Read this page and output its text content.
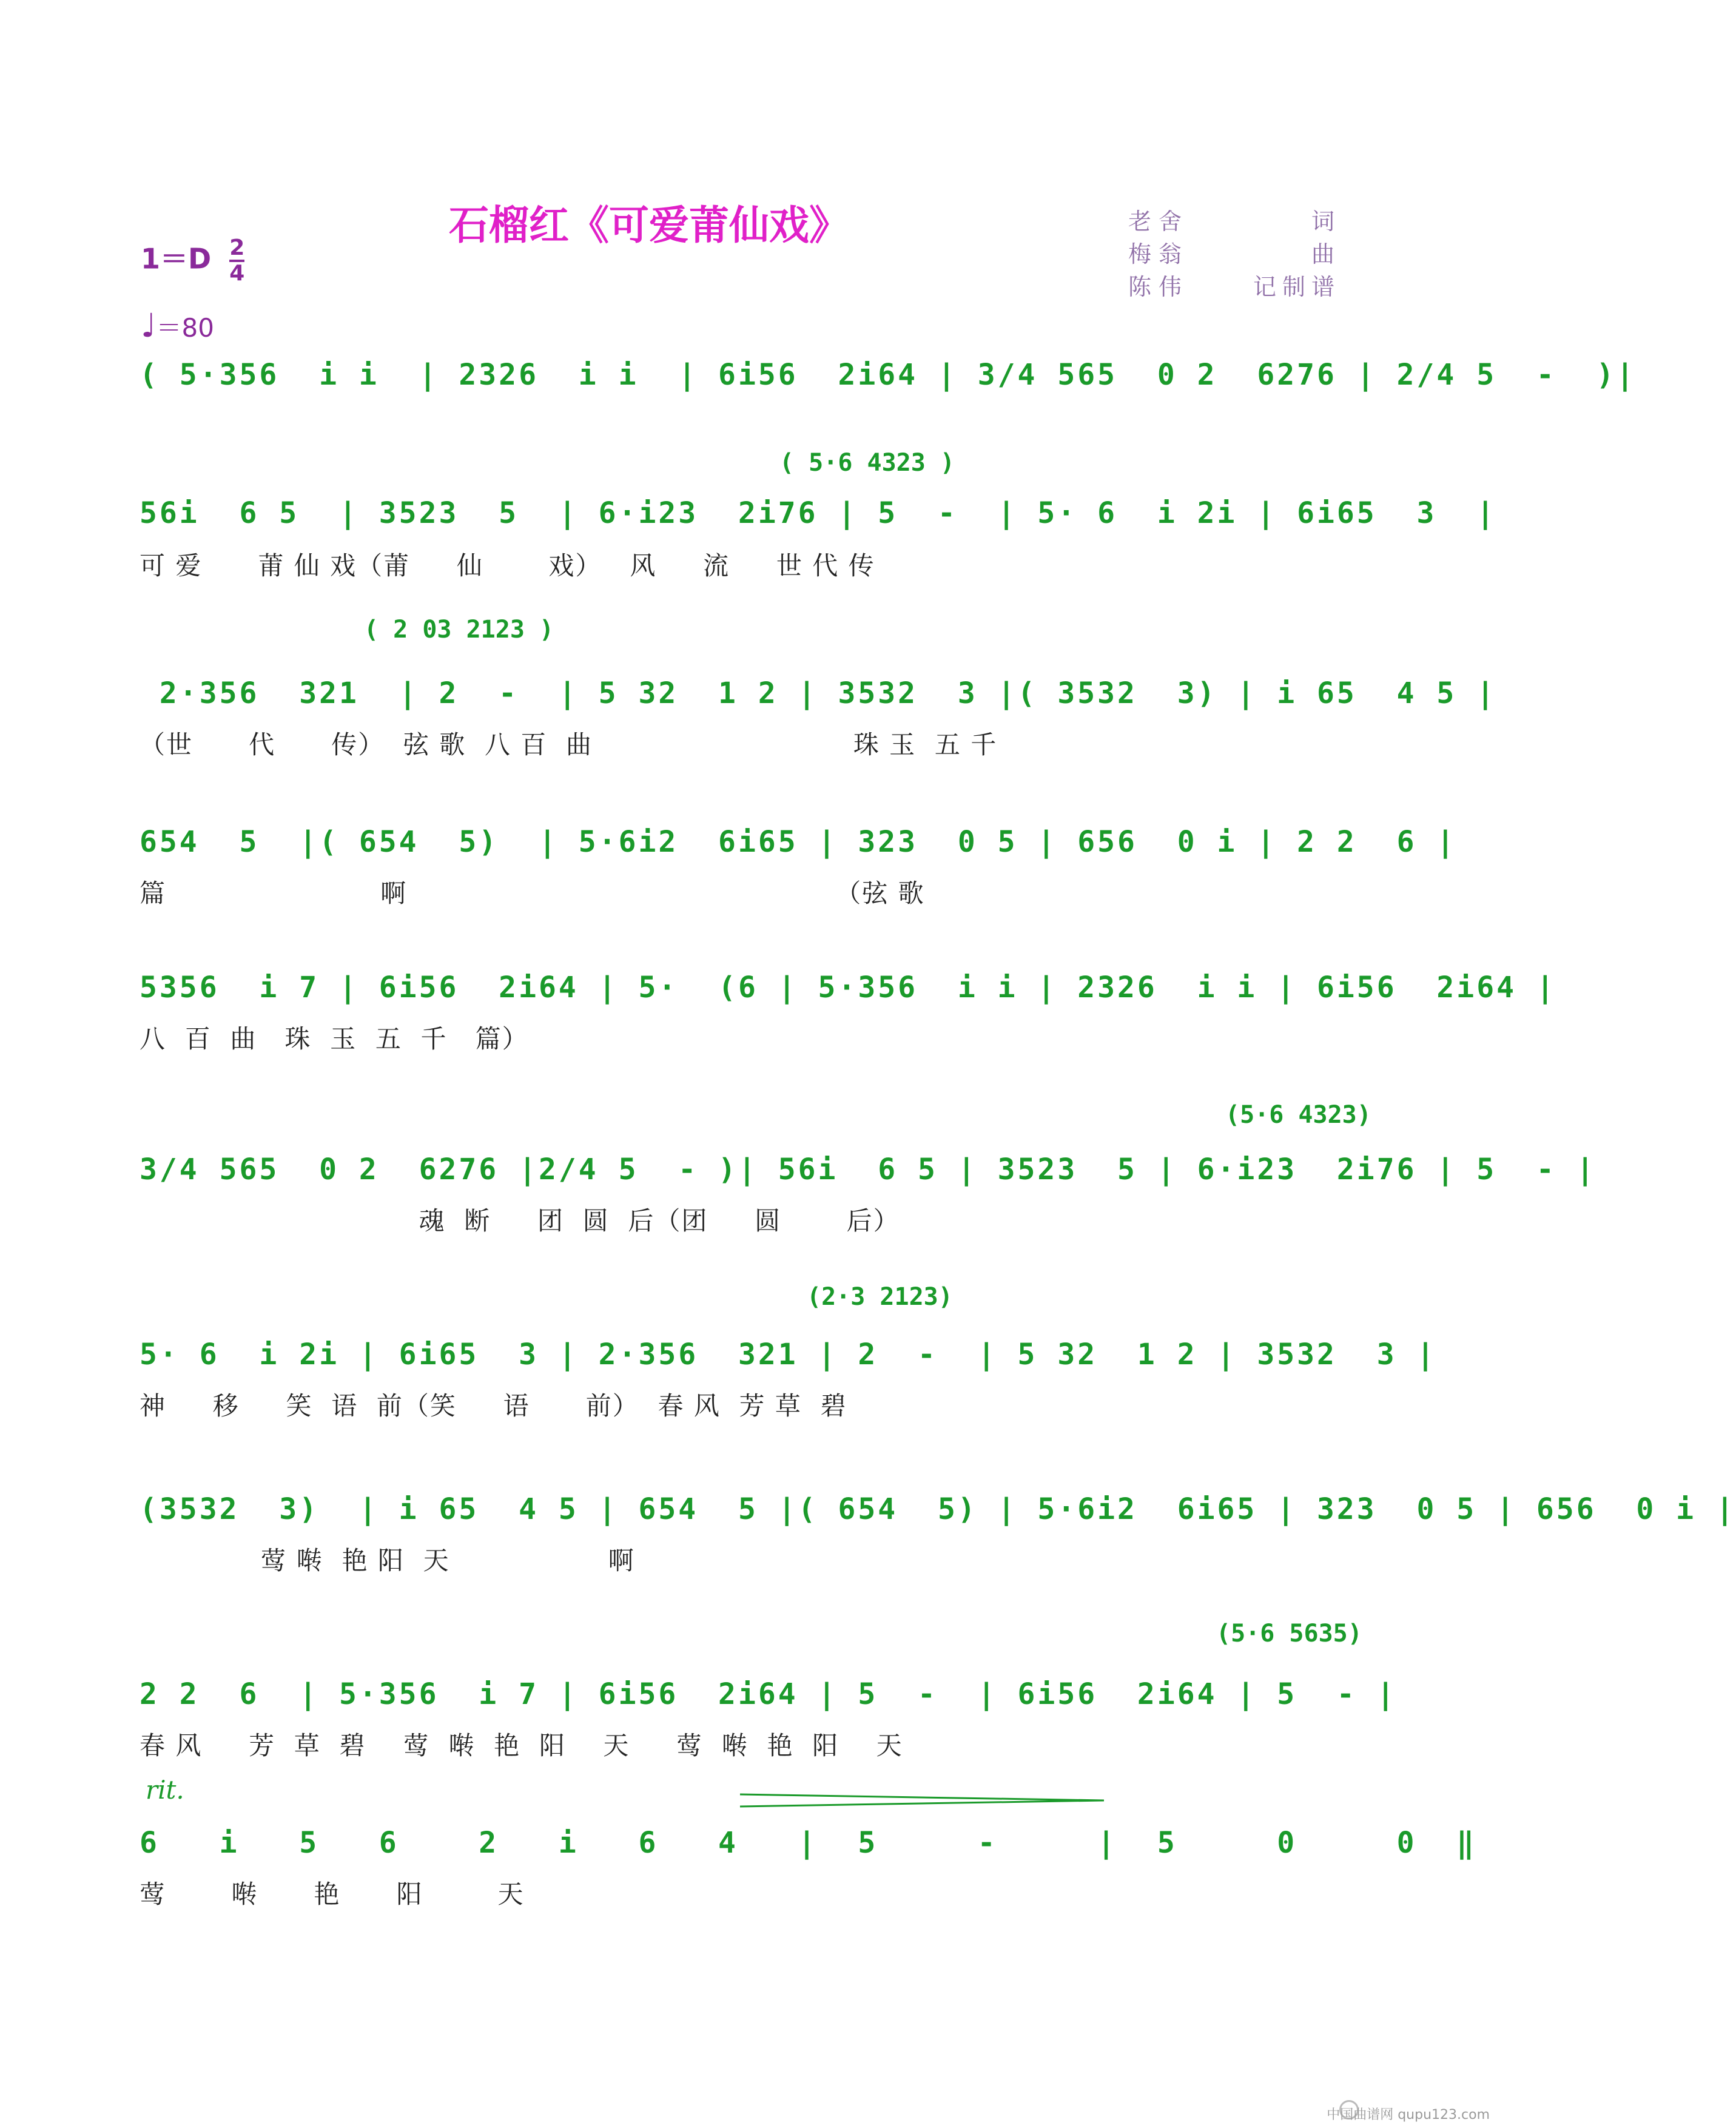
石榴红《可爱莆仙戏》	老舍	词
梅翁	曲
陈伟	记制谱
$1=D \frac{2}{4}$
♩＝80
( 5·356  i i  | 2326  i i  | 6i56  2i64 | 3/4 565  0 2  6276 | 2/4 5  -  )|
( 5·6 4323 )
56i  6 5  | 3523  5  | 6·i23  2i76 | 5  -  | 5· 6  i 2i | 6i65  3  |
可 爱      莆 仙 戏（莆     仙       戏）   风     流     世 代 传
( 2 03 2123 )
2·356  321  | 2  -  | 5 32  1 2 | 3532  3 |( 3532  3) | i 65  4 5 |
（世      代      传）  弦 歌  八 百  曲                            珠 玉  五 千
654  5  |( 654  5)  | 5·6i2  6i65 | 323  0 5 | 656  0 i | 2 2  6 |
篇                       啊                                              （弦 歌
5356  i 7 | 6i56  2i64 | 5·  (6 | 5·356  i i | 2326  i i | 6i56  2i64 |
八  百  曲   珠  玉  五  千   篇）
(5·6 4323)
3/4 565  0 2  6276 |2/4 5  - )| 56i  6 5 | 3523  5 | 6·i23  2i76 | 5  - |
魂  断     团  圆  后（团     圆       后）
(2·3 2123)
5· 6  i 2i | 6i65  3 | 2·356  321 | 2  -  | 5 32  1 2 | 3532  3 |
神     移     笑  语  前（笑     语      前）  春 风  芳 草  碧
(3532  3)  | i 65  4 5 | 654  5 |( 654  5) | 5·6i2  6i65 | 323  0 5 | 656  0 i |
莺 啭  艳 阳  天                 啊
(5·6 5635)
2 2  6  | 5·356  i 7 | 6i56  2i64 | 5  -  | 6i56  2i64 | 5  - |
春 风     芳  草  碧    莺  啭  艳  阳    天     莺  啭  艳  阳    天
rit.
6   i   5   6    2   i   6   4   |  5     -     |  5     0     0  ‖
莺       啭      艳      阳        天
中国曲谱网 qupu123.com
